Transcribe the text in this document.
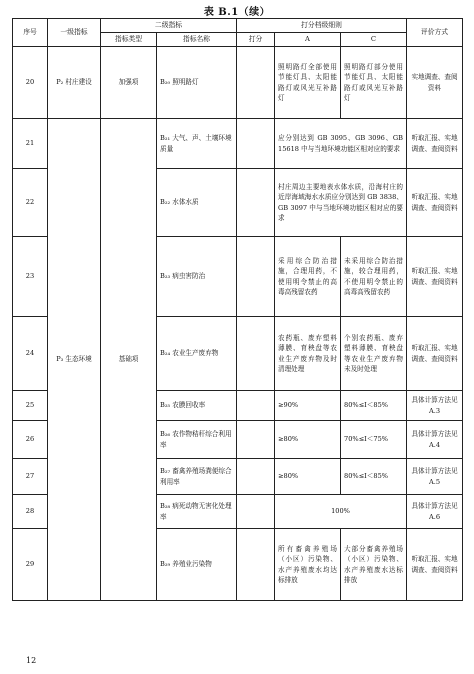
表 B.1（续）
序号	一级指标	二级指标		打分档级细则			评价方式
		指标类型	指标名称	打分	A	C	
20	P₂ 村庄建设	加强项	B₂₀ 照明路灯		照明路灯全部使用节能灯具、太阳能路灯或风光互补路灯	照明路灯部分使用节能灯具、太阳能路灯或风光互补路灯	实地调查、查阅资料
21	P₃ 生态环境	基础项	B₂₁ 大气、声、土壤环境质量		应分别达到 GB 3095、GB 3096、GB 15618 中与当地环境功能区相对应的要求		听取汇报、实地调查、查阅资料
22			B₂₂ 水体水质		村庄周边主要地表水体水质，沿海村庄的近岸海域海水水质应分别达到 GB 3838、GB 3097 中与当地环境功能区相对应的要求		听取汇报、实地调查、查阅资料
23			B₂₃ 病虫害防治		采用综合防治措施，合理用药，不使用明令禁止的高毒高残留农药	未采用综合防治措施，较合理用药，不使用明令禁止的高毒高残留农药	听取汇报、实地调查、查阅资料
24			B₂₄ 农业生产废弃物		农药瓶、废弃塑料薄膜、育秧盘等农业生产废弃物及时清理处理	个别农药瓶、废弃塑料薄膜、育秧盘等农业生产废弃物未及时处理	听取汇报、实地调查、查阅资料
25			B₂₅ 农膜回收率		≥90%	80%≤I＜85%	具体计算方法见 A.3
26			B₂₆ 农作物秸秆综合利用率		≥80%	70%≤I＜75%	具体计算方法见 A.4
27			B₂₇ 畜禽养殖场粪便综合利用率		≥80%	80%≤I＜85%	具体计算方法见 A.5
28			B₂₈ 病死动物无害化处理率		100%		具体计算方法见 A.6
29			B₂₉ 养殖业污染物		所有畜禽养殖场（小区）污染物、水产养殖废水均达标排放	大部分畜禽养殖场（小区）污染物、水产养殖废水达标排放	听取汇报、实地调查、查阅资料
12
